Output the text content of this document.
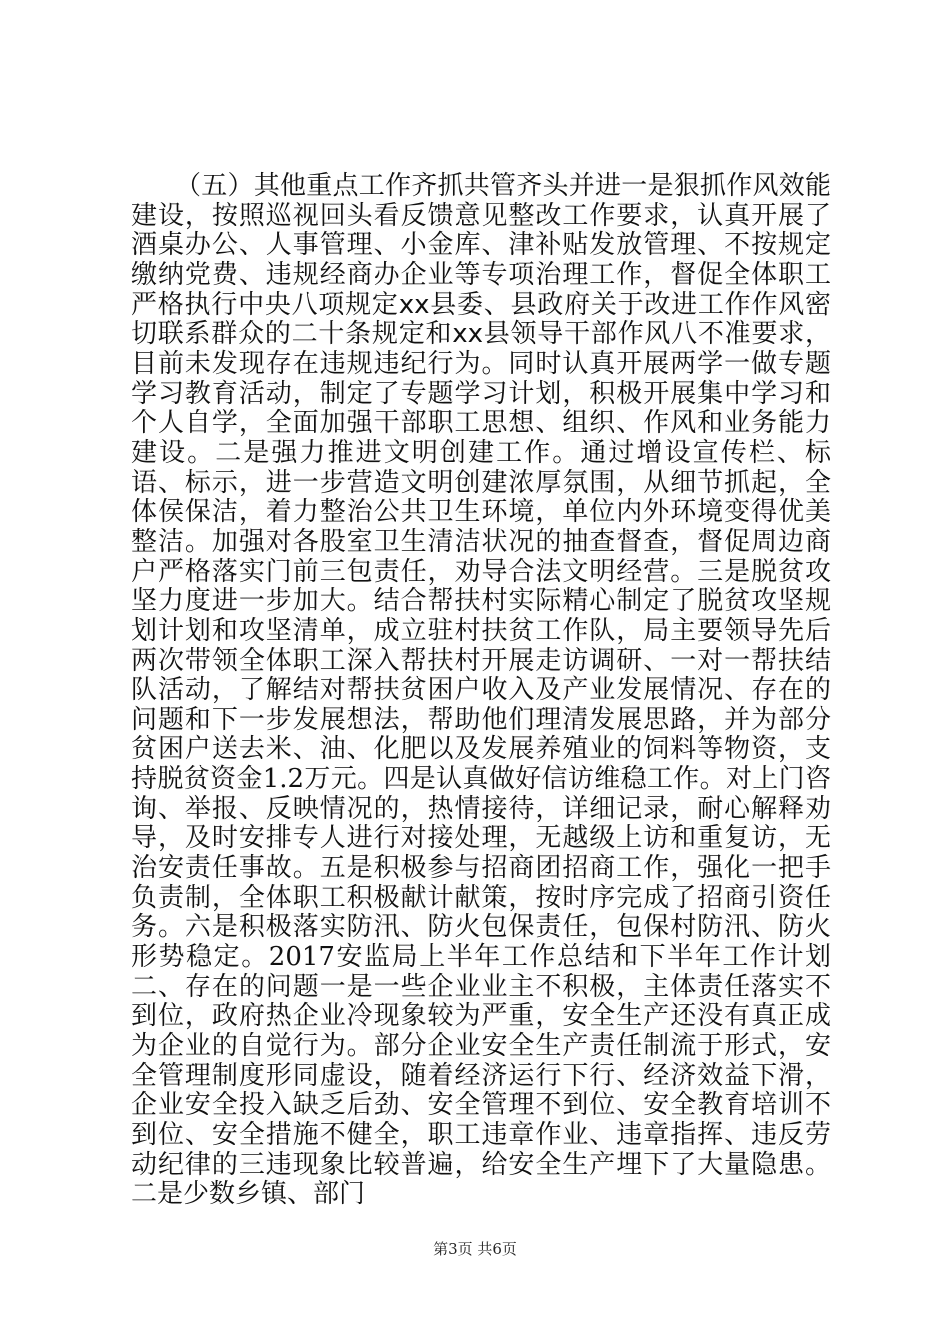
（五）其他重点工作齐抓共管齐头并进一是狠抓作风效能建设，按照巡视回头看反馈意见整改工作要求，认真开展了酒桌办公、人事管理、小金库、津补贴发放管理、不按规定缴纳党费、违规经商办企业等专项治理工作，督促全体职工严格执行中央八项规定xx县委、县政府关于改进工作作风密切联系群众的二十条规定和xx县领导干部作风八不准要求，目前未发现存在违规违纪行为。同时认真开展两学一做专题学习教育活动，制定了专题学习计划，积极开展集中学习和个人自学，全面加强干部职工思想、组织、作风和业务能力建设。二是强力推进文明创建工作。通过增设宣传栏、标语、标示，进一步营造文明创建浓厚氛围，从细节抓起，全体侯保洁，着力整治公共卫生环境，单位内外环境变得优美整洁。加强对各股室卫生清洁状况的抽查督查，督促周边商户严格落实门前三包责任，劝导合法文明经营。三是脱贫攻坚力度进一步加大。结合帮扶村实际精心制定了脱贫攻坚规划计划和攻坚清单，成立驻村扶贫工作队，局主要领导先后两次带领全体职工深入帮扶村开展走访调研、一对一帮扶结队活动，了解结对帮扶贫困户收入及产业发展情况、存在的问题和下一步发展想法，帮助他们理清发展思路，并为部分贫困户送去米、油、化肥以及发展养殖业的饲料等物资，支持脱贫资金1.2万元。四是认真做好信访维稳工作。对上门咨询、举报、反映情况的，热情接待，详细记录，耐心解释劝导，及时安排专人进行对接处理，无越级上访和重复访，无治安责任事故。五是积极参与招商团招商工作，强化一把手负责制，全体职工积极献计献策，按时序完成了招商引资任务。六是积极落实防汛、防火包保责任，包保村防汛、防火形势稳定。2017安监局上半年工作总结和下半年工作计划二、存在的问题一是一些企业业主不积极，主体责任落实不到位，政府热企业冷现象较为严重，安全生产还没有真正成为企业的自觉行为。部分企业安全生产责任制流于形式，安全管理制度形同虚设，随着经济运行下行、经济效益下滑，企业安全投入缺乏后劲、安全管理不到位、安全教育培训不到位、安全措施不健全，职工违章作业、违章指挥、违反劳动纪律的三违现象比较普遍，给安全生产埋下了大量隐患。二是少数乡镇、部门

第3页 共6页
